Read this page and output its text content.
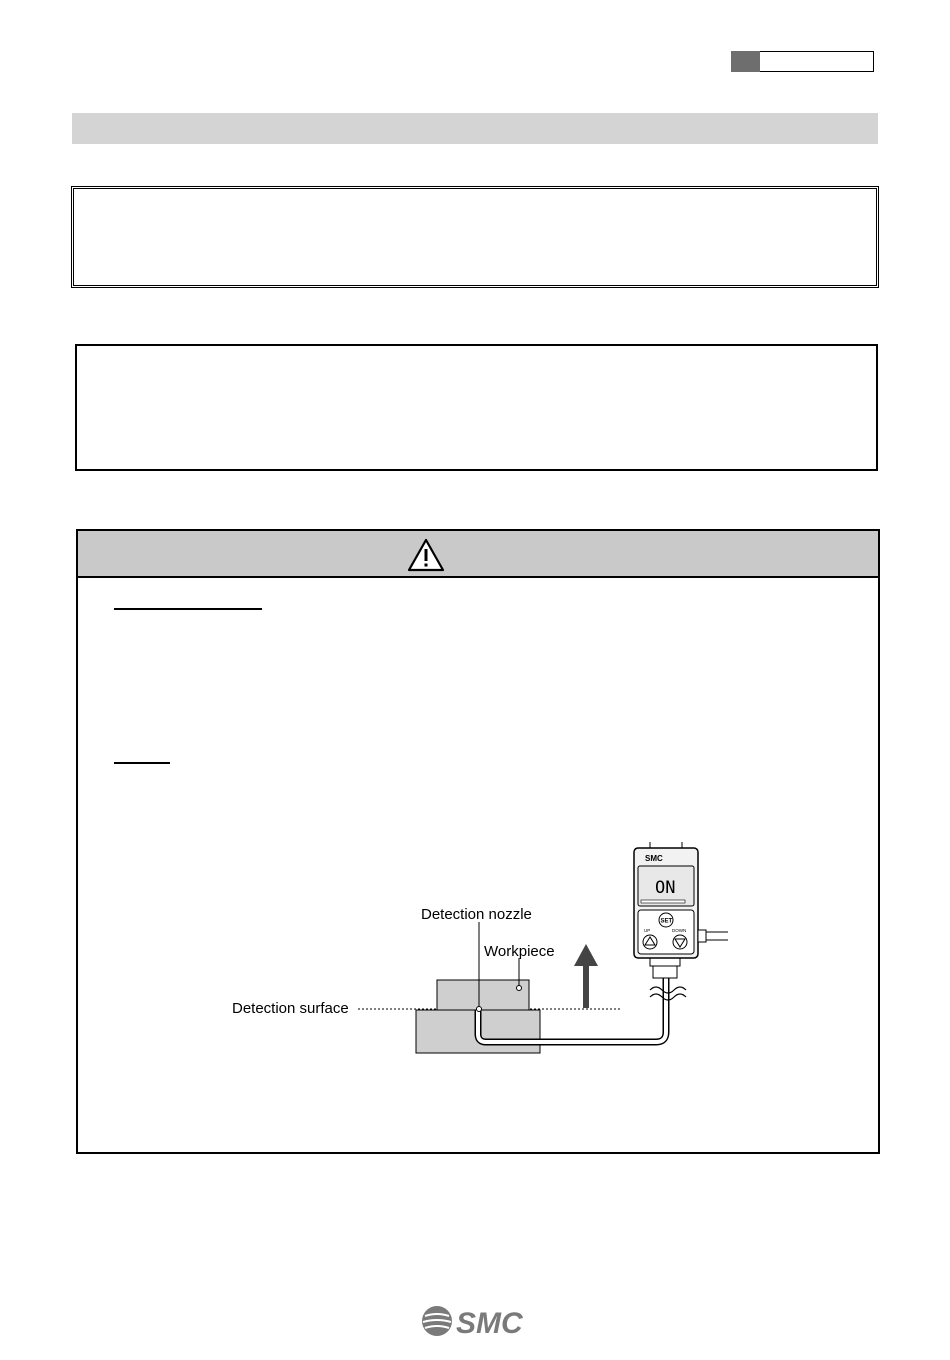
SMC
ON
SET
UP	DOWN
Detection nozzle
Workpiece
Detection surface
SMC
